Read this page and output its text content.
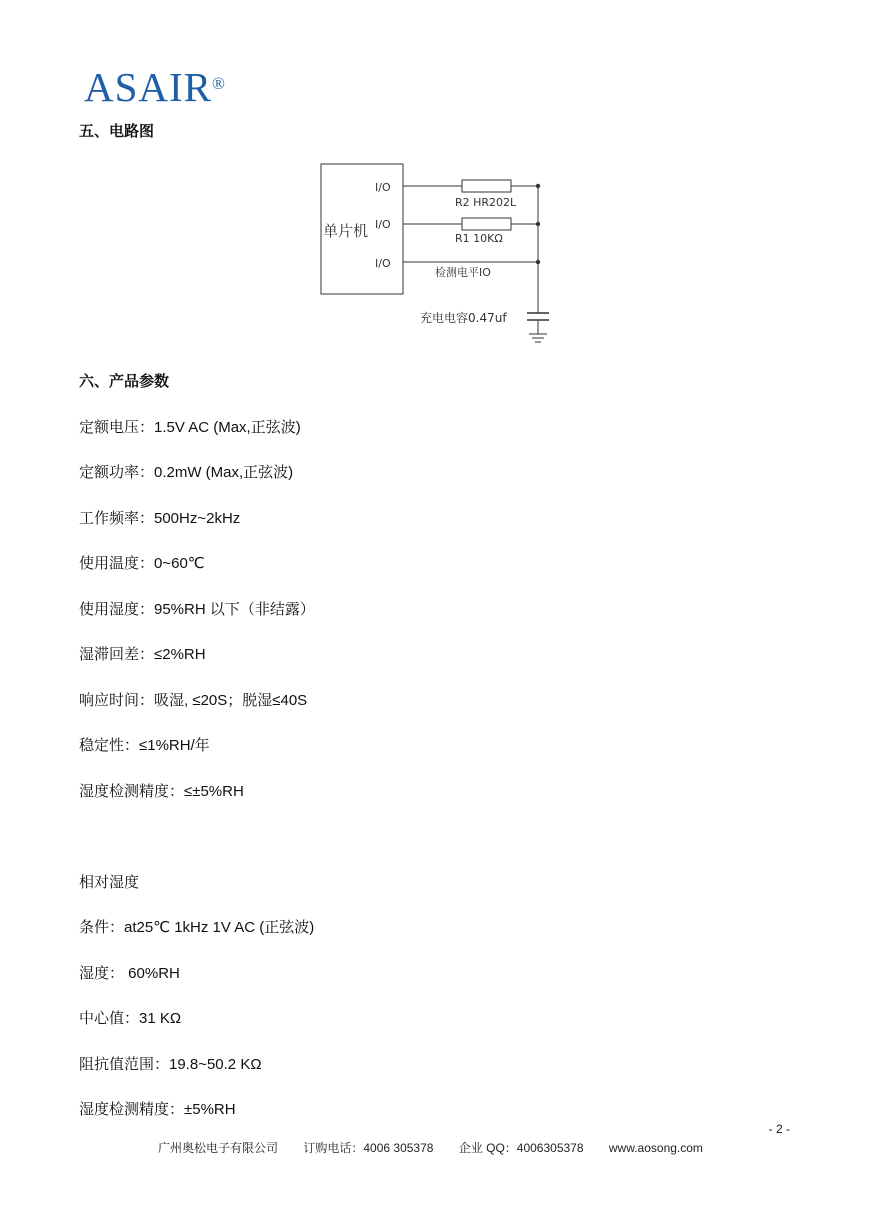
ASAIR®
五、电路图
单片机
I/O
I/O
I/O
R2 HR202L
R1 10KΩ
检测电平IO
充电电容0.47uf
六、产品参数
定额电压：1.5V AC (Max,正弦波)
定额功率：0.2mW (Max,正弦波)
工作频率：500Hz~2kHz
使用温度：0~60℃
使用湿度：95%RH 以下（非结露）
湿滞回差：≤2%RH
响应时间：吸湿, ≤20S；脱湿≤40S
稳定性：≤1%RH/年
湿度检测精度：≤±5%RH
相对湿度
条件：at25℃ 1kHz 1V AC (正弦波)
湿度： 60%RH
中心值：31 KΩ
阻抗值范围：19.8~50.2 KΩ
湿度检测精度：±5%RH
- 2 -
广州奥松电子有限公司 订购电话：4006 305378 企业 QQ：4006305378 www.aosong.com
